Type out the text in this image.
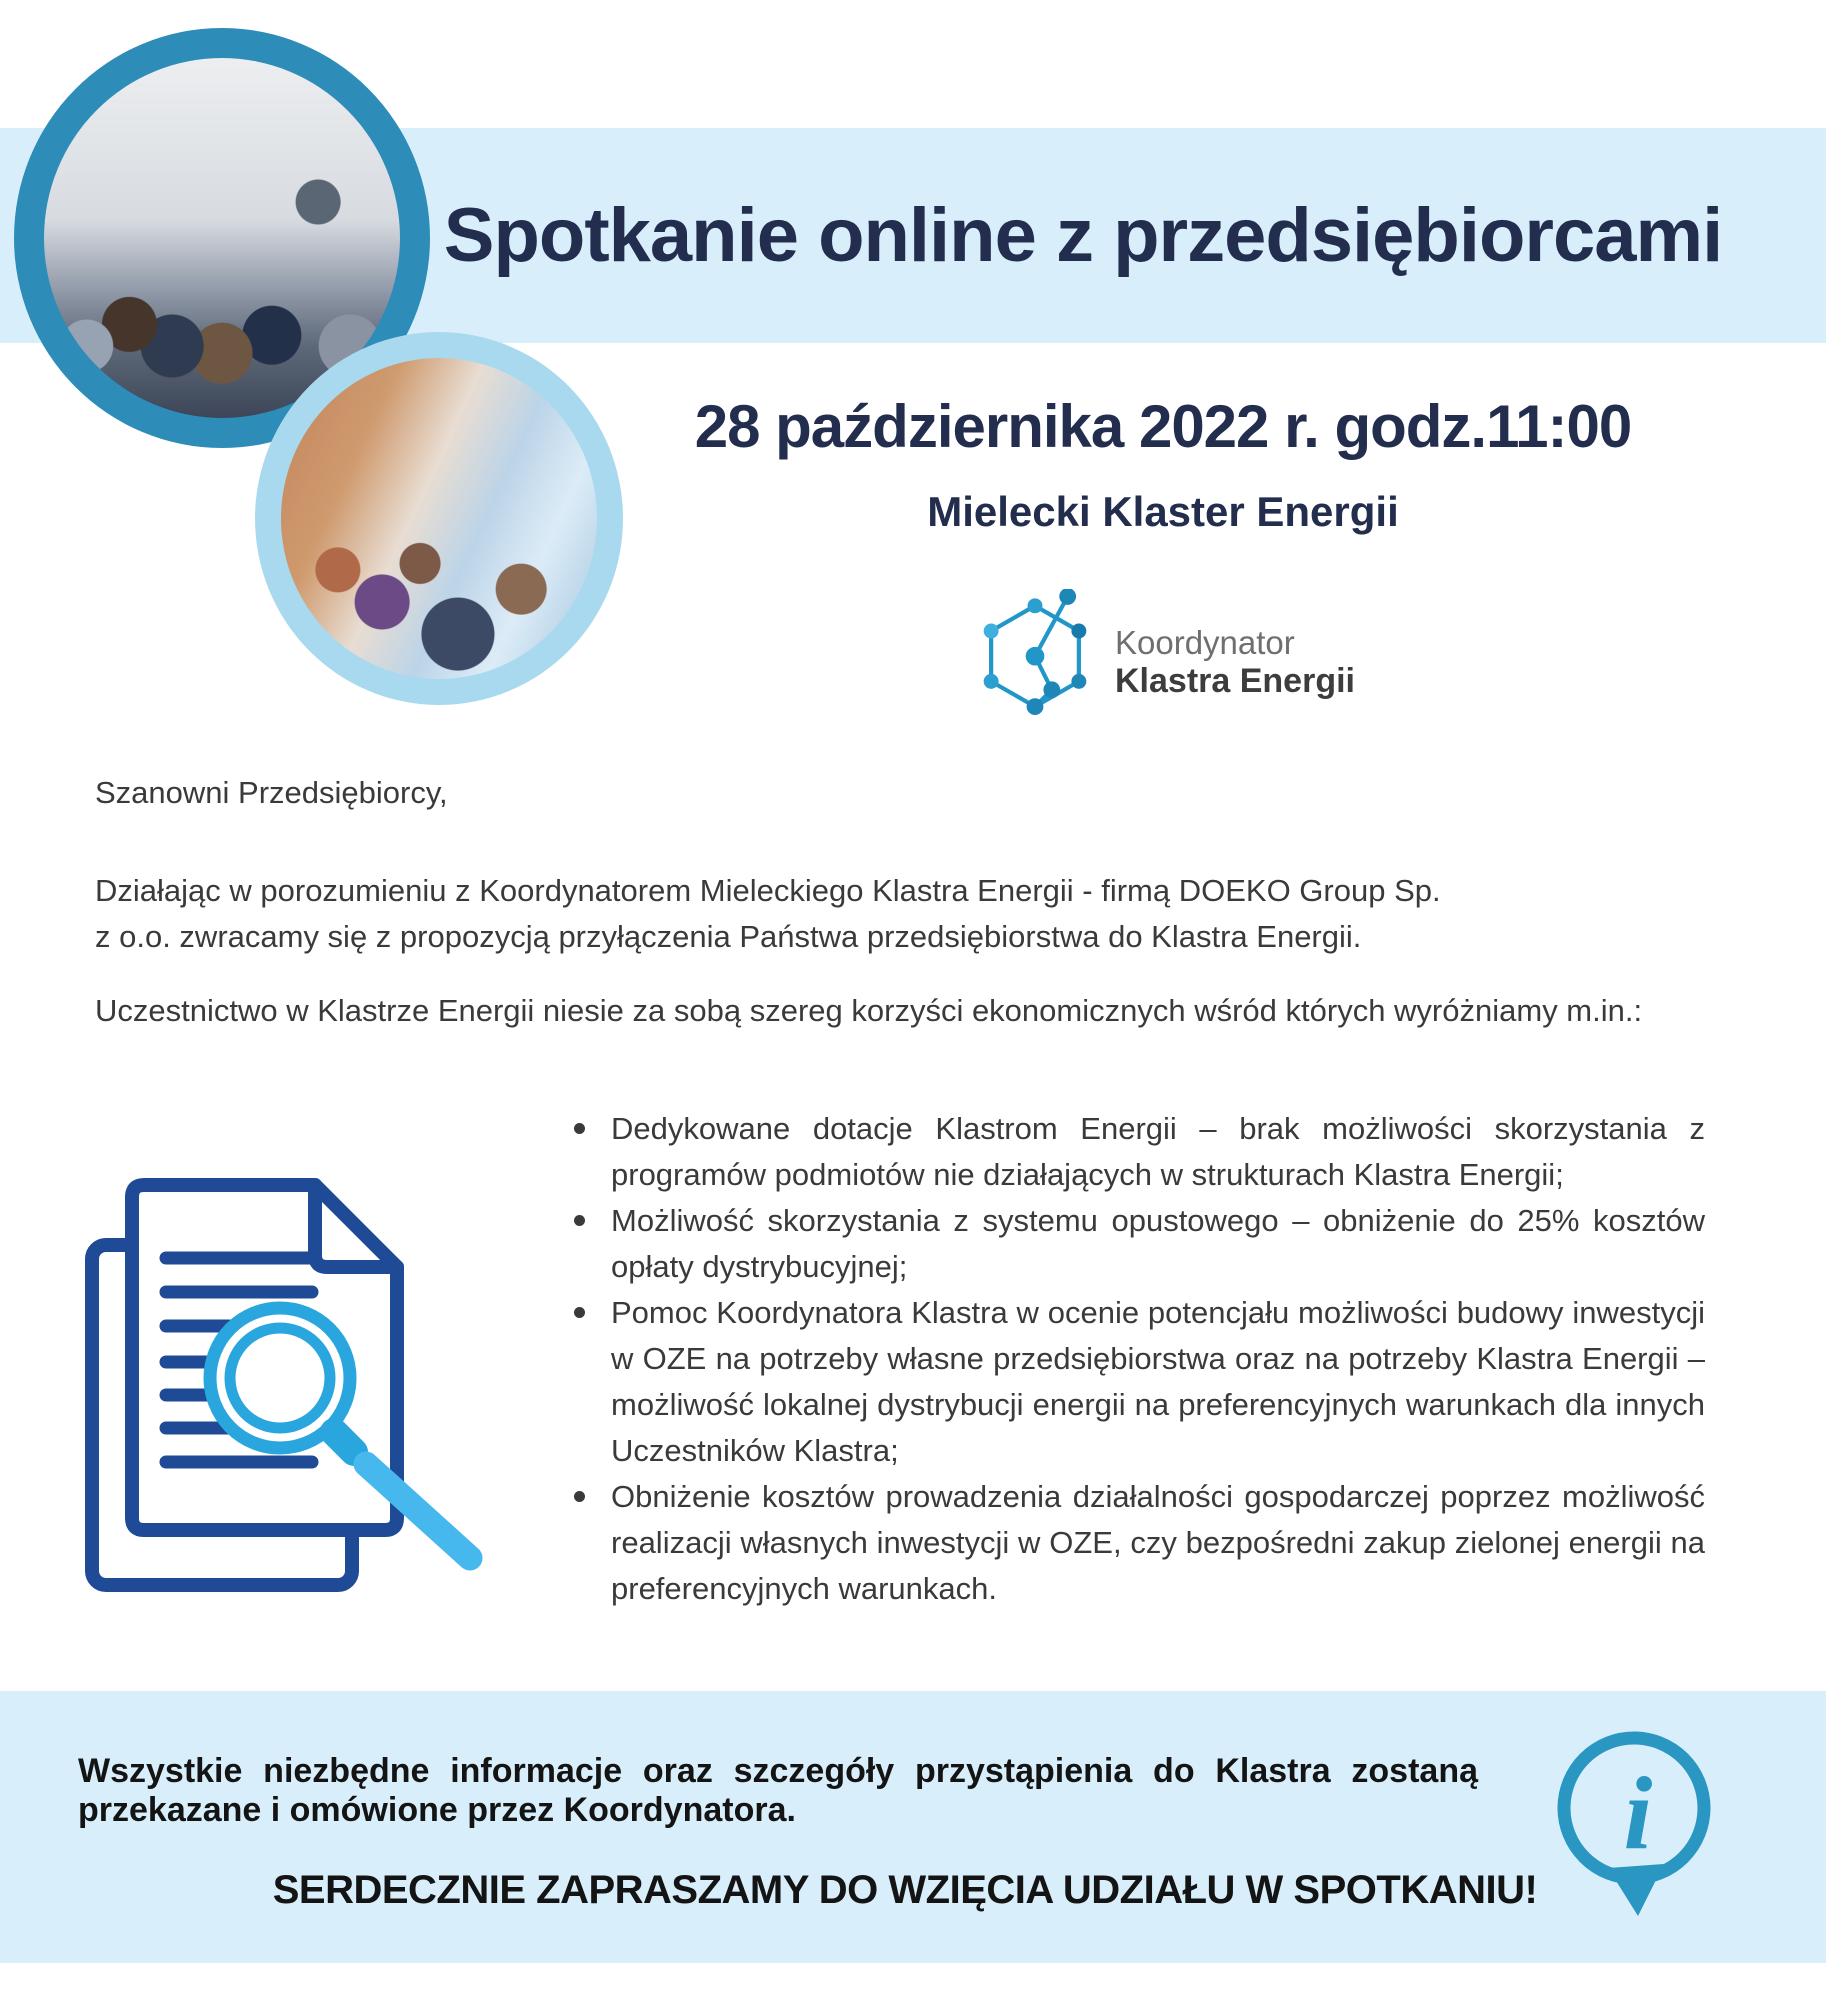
Spotkanie online z przedsiębiorcami
28 października 2022 r. godz.11:00
Mielecki Klaster Energii
Koordynator
Klastra Energii

Szanowni Przedsiębiorcy,

Działając w porozumieniu z Koordynatorem Mieleckiego Klastra Energii - firmą DOEKO Group Sp.
z o.o. zwracamy się z propozycją przyłączenia Państwa przedsiębiorstwa do Klastra Energii.

Uczestnictwo w Klastrze Energii niesie za sobą szereg korzyści ekonomicznych wśród których wyróżniamy m.in.:

Dedykowane dotacje Klastrom Energii – brak możliwości skorzystania z programów podmiotów nie działających w strukturach Klastra Energii;
Możliwość skorzystania z systemu opustowego – obniżenie do 25% kosztów opłaty dystrybucyjnej;
Pomoc Koordynatora Klastra w ocenie potencjału możliwości budowy inwestycji w OZE na potrzeby własne przedsiębiorstwa oraz na potrzeby Klastra Energii – możliwość lokalnej dystrybucji energii na preferencyjnych warunkach dla innych Uczestników Klastra;
Obniżenie kosztów prowadzenia działalności gospodarczej poprzez możliwość realizacji własnych inwestycji w OZE, czy bezpośredni zakup zielonej energii na preferencyjnych warunkach.
Wszystkie niezbędne informacje oraz szczegóły przystąpienia do Klastra zostaną przekazane i omówione przez Koordynatora.
SERDECZNIE ZAPRASZAMY DO WZIĘCIA UDZIAŁU W SPOTKANIU!
i
